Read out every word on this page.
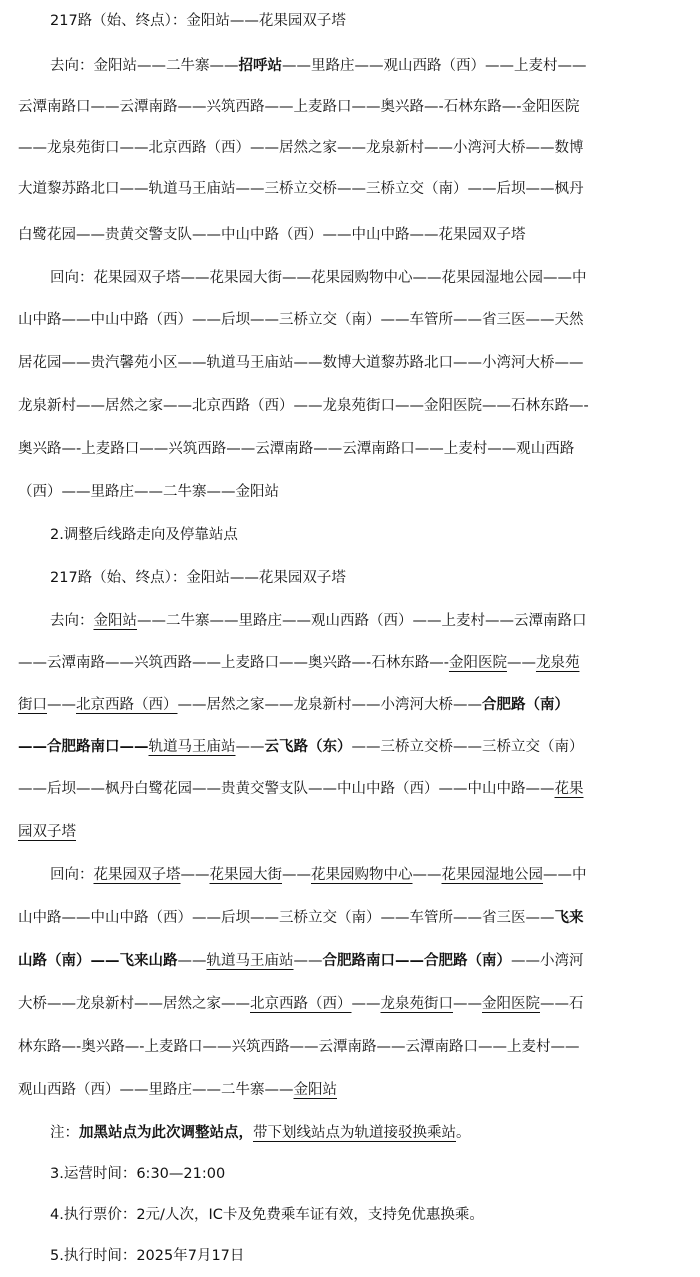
217路（始、终点）：金阳站——花果园双子塔
去向：金阳站——二牛寨——招呼站——里路庄——观山西路（西）——上麦村——
云潭南路口——云潭南路——兴筑西路——上麦路口——奥兴路—-石林东路—-金阳医院
——龙泉苑街口——北京西路（西）——居然之家——龙泉新村——小湾河大桥——数博
大道黎苏路北口——轨道马王庙站——三桥立交桥——三桥立交（南）——后坝——枫丹
白鹭花园——贵黄交警支队——中山中路（西）——中山中路——花果园双子塔
回向：花果园双子塔——花果园大街——花果园购物中心——花果园湿地公园——中
山中路——中山中路（西）——后坝——三桥立交（南）——车管所——省三医——天然
居花园——贵汽馨苑小区——轨道马王庙站——数博大道黎苏路北口——小湾河大桥——
龙泉新村——居然之家——北京西路（西）——龙泉苑街口——金阳医院——石林东路—-
奥兴路—-上麦路口——兴筑西路——云潭南路——云潭南路口——上麦村——观山西路
（西）——里路庄——二牛寨——金阳站
2.调整后线路走向及停靠站点
217路（始、终点）：金阳站——花果园双子塔
去向：金阳站——二牛寨——里路庄——观山西路（西）——上麦村——云潭南路口
——云潭南路——兴筑西路——上麦路口——奥兴路—-石林东路—-金阳医院——龙泉苑
街口——北京西路（西）——居然之家——龙泉新村——小湾河大桥——合肥路（南）
——合肥路南口——轨道马王庙站——云飞路（东）——三桥立交桥——三桥立交（南）
——后坝——枫丹白鹭花园——贵黄交警支队——中山中路（西）——中山中路——花果
园双子塔
回向：花果园双子塔——花果园大街——花果园购物中心——花果园湿地公园——中
山中路——中山中路（西）——后坝——三桥立交（南）——车管所——省三医——飞来
山路（南）——飞来山路——轨道马王庙站——合肥路南口——合肥路（南）——小湾河
大桥——龙泉新村——居然之家——北京西路（西）——龙泉苑街口——金阳医院——石
林东路—-奥兴路—-上麦路口——兴筑西路——云潭南路——云潭南路口——上麦村——
观山西路（西）——里路庄——二牛寨——金阳站
注：加黑站点为此次调整站点，带下划线站点为轨道接驳换乘站。
3.运营时间：6:30—21:00
4.执行票价：2元/人次，IC卡及免费乘车证有效，支持免优惠换乘。
5.执行时间：2025年7月17日
